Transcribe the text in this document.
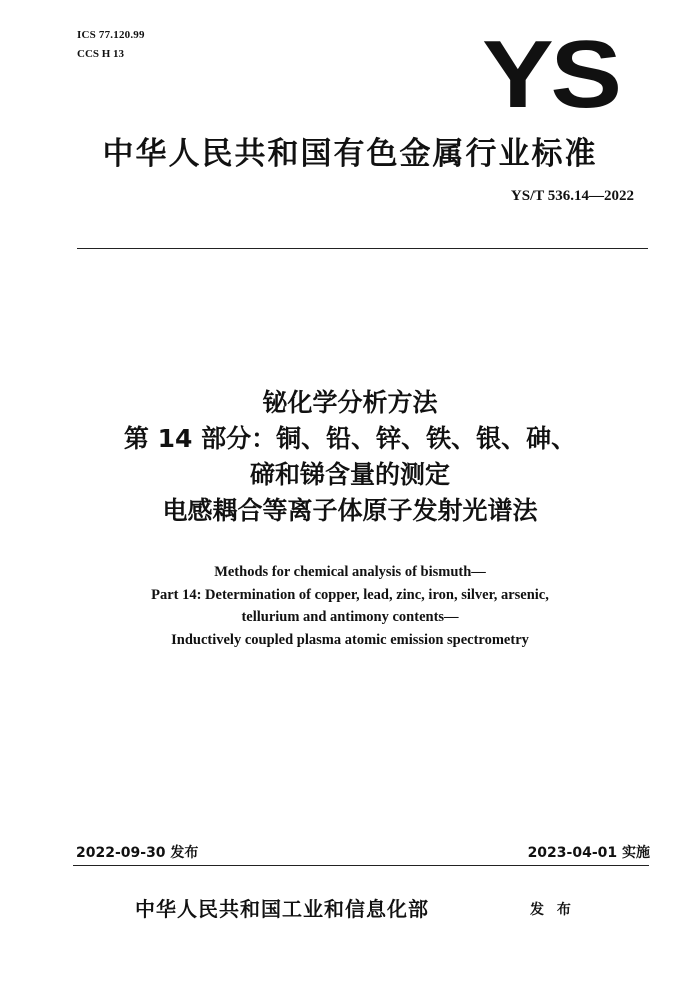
ICS 77.120.99
CCS H 13	YS
中华人民共和国有色金属行业标准
YS/T 536.14—2022
铋化学分析方法
第 14 部分：铜、铅、锌、铁、银、砷、
碲和锑含量的测定
电感耦合等离子体原子发射光谱法
Methods for chemical analysis of bismuth—
Part 14: Determination of copper, lead, zinc, iron, silver, arsenic,
tellurium and antimony contents—
Inductively coupled plasma atomic emission spectrometry
2022-09-30 发布	2023-04-01 实施
中华人民共和国工业和信息化部	发 布
